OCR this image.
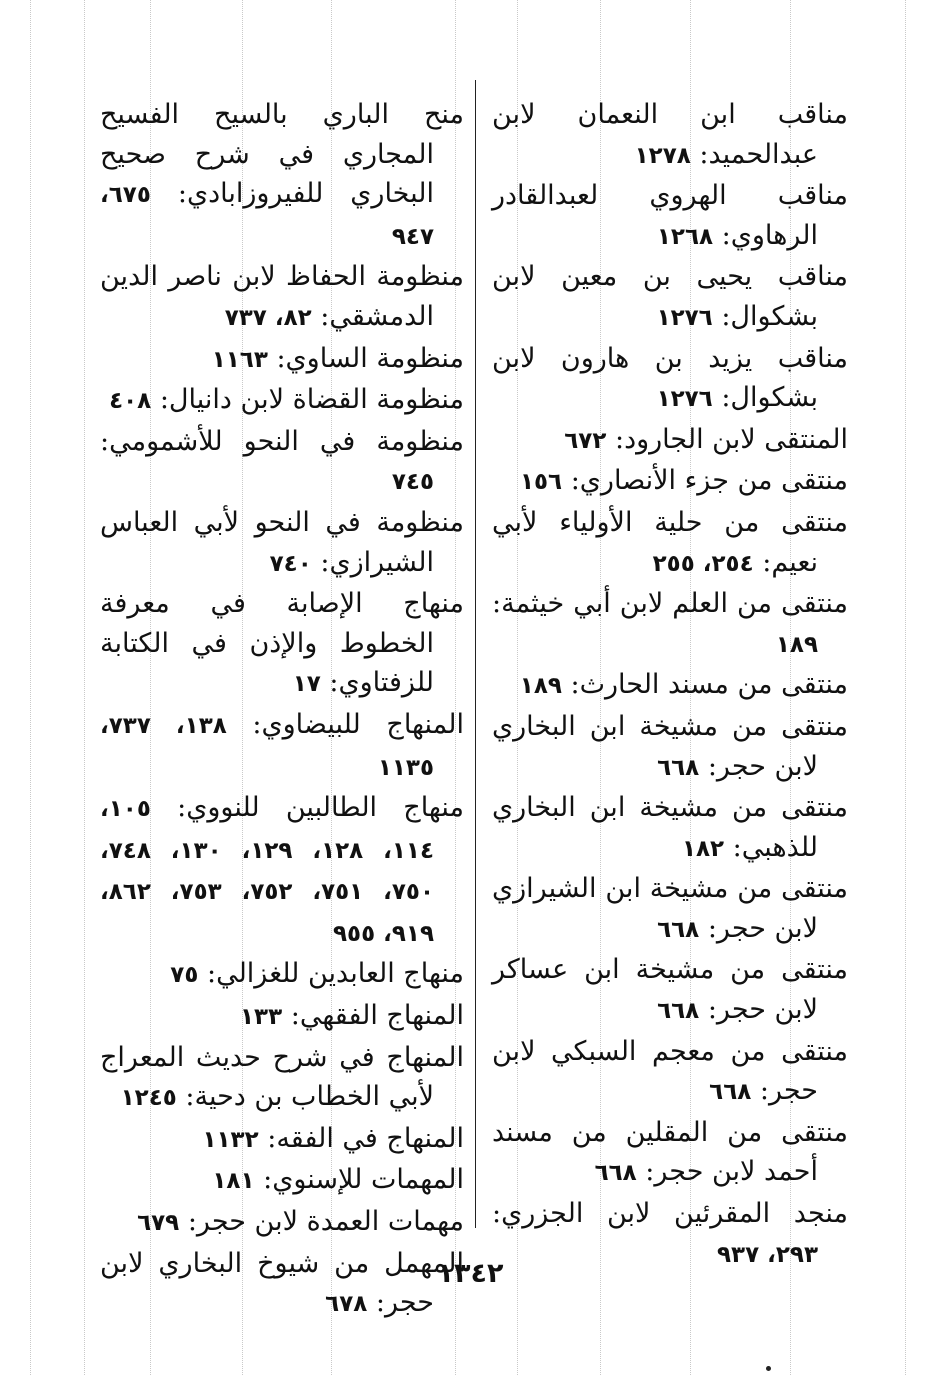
مناقب ابن النعمان لابن عبدالحميد: ١٢٧٨

مناقب الهروي لعبدالقادر الرهاوي: ١٢٦٨

مناقب يحيى بن معين لابن بشكوال: ١٢٧٦

مناقب يزيد بن هارون لابن بشكوال: ١٢٧٦

المنتقى لابن الجارود: ٦٧٢

منتقى من جزء الأنصاري: ١٥٦

منتقى من حلية الأولياء لأبي نعيم: ٢٥٤، ٢٥٥

منتقى من العلم لابن أبي خيثمة: ١٨٩

منتقى من مسند الحارث: ١٨٩

منتقى من مشيخة ابن البخاري لابن حجر: ٦٦٨

منتقى من مشيخة ابن البخاري للذهبي: ١٨٢

منتقى من مشيخة ابن الشيرازي لابن حجر: ٦٦٨

منتقى من مشيخة ابن عساكر لابن حجر: ٦٦٨

منتقى من معجم السبكي لابن حجر: ٦٦٨

منتقى من المقلين من مسند أحمد لابن حجر: ٦٦٨

منجد المقرئين لابن الجزري: ٢٩٣، ٩٣٧

منح الباري بالسيح الفسيح المجاري في شرح صحيح البخاري للفيروزابادي: ٦٧٥، ٩٤٧

منظومة الحفاظ لابن ناصر الدين الدمشقي: ٨٢، ٧٣٧

منظومة الساوي: ١١٦٣

منظومة القضاة لابن دانيال: ٤٠٨

منظومة في النحو للأشمومي: ٧٤٥

منظومة في النحو لأبي العباس الشيرازي: ٧٤٠

منهاج الإصابة في معرفة الخطوط والإذن في الكتابة للزفتاوي: ١٧

المنهاج للبيضاوي: ١٣٨، ٧٣٧، ١١٣٥

منهاج الطالبين للنووي: ١٠٥، ١١٤، ١٢٨، ١٢٩، ١٣٠، ٧٤٨، ٧٥٠، ٧٥١، ٧٥٢، ٧٥٣، ٨٦٢، ٩١٩، ٩٥٥

منهاج العابدين للغزالي: ٧٥

المنهاج الفقهي: ١٣٣

المنهاج في شرح حديث المعراج لأبي الخطاب بن دحية: ١٢٤٥

المنهاج في الفقه: ١١٣٢

المهمات للإسنوي: ١٨١

مهمات العمدة لابن حجر: ٦٧٩

المهمل من شيوخ البخاري لابن حجر: ٦٧٨

١٣٤٢
